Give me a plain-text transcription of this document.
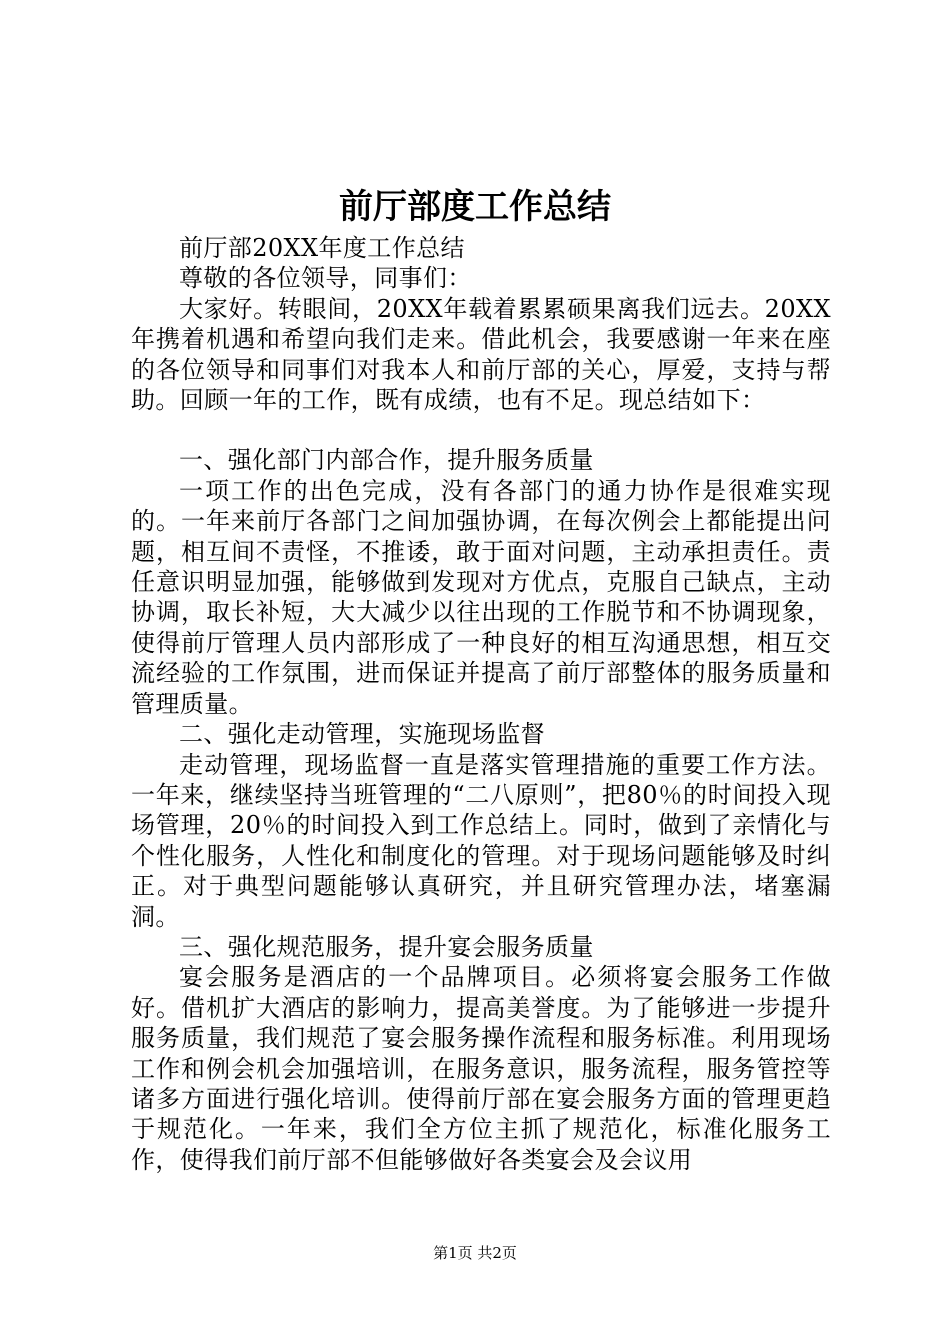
前厅部度工作总结

前厅部20XX年度工作总结

尊敬的各位领导，同事们：

大家好。转眼间，20XX年载着累累硕果离我们远去。20XX年携着机遇和希望向我们走来。借此机会，我要感谢一年来在座的各位领导和同事们对我本人和前厅部的关心，厚爱，支持与帮助。回顾一年的工作，既有成绩，也有不足。现总结如下：

一、强化部门内部合作，提升服务质量

一项工作的出色完成，没有各部门的通力协作是很难实现的。一年来前厅各部门之间加强协调，在每次例会上都能提出问题，相互间不责怪，不推诿，敢于面对问题，主动承担责任。责任意识明显加强，能够做到发现对方优点，克服自己缺点，主动协调，取长补短，大大减少以往出现的工作脱节和不协调现象，使得前厅管理人员内部形成了一种良好的相互沟通思想，相互交流经验的工作氛围，进而保证并提高了前厅部整体的服务质量和管理质量。

二、强化走动管理，实施现场监督

走动管理，现场监督一直是落实管理措施的重要工作方法。一年来，继续坚持当班管理的“二八原则”，把80％的时间投入现场管理，20％的时间投入到工作总结上。同时，做到了亲情化与个性化服务，人性化和制度化的管理。对于现场问题能够及时纠正。对于典型问题能够认真研究，并且研究管理办法，堵塞漏洞。

三、强化规范服务，提升宴会服务质量

宴会服务是酒店的一个品牌项目。必须将宴会服务工作做好。借机扩大酒店的影响力，提高美誉度。为了能够进一步提升服务质量，我们规范了宴会服务操作流程和服务标准。利用现场工作和例会机会加强培训，在服务意识，服务流程，服务管控等诸多方面进行强化培训。使得前厅部在宴会服务方面的管理更趋于规范化。一年来，我们全方位主抓了规范化，标准化服务工作，使得我们前厅部不但能够做好各类宴会及会议用

第1页 共2页
